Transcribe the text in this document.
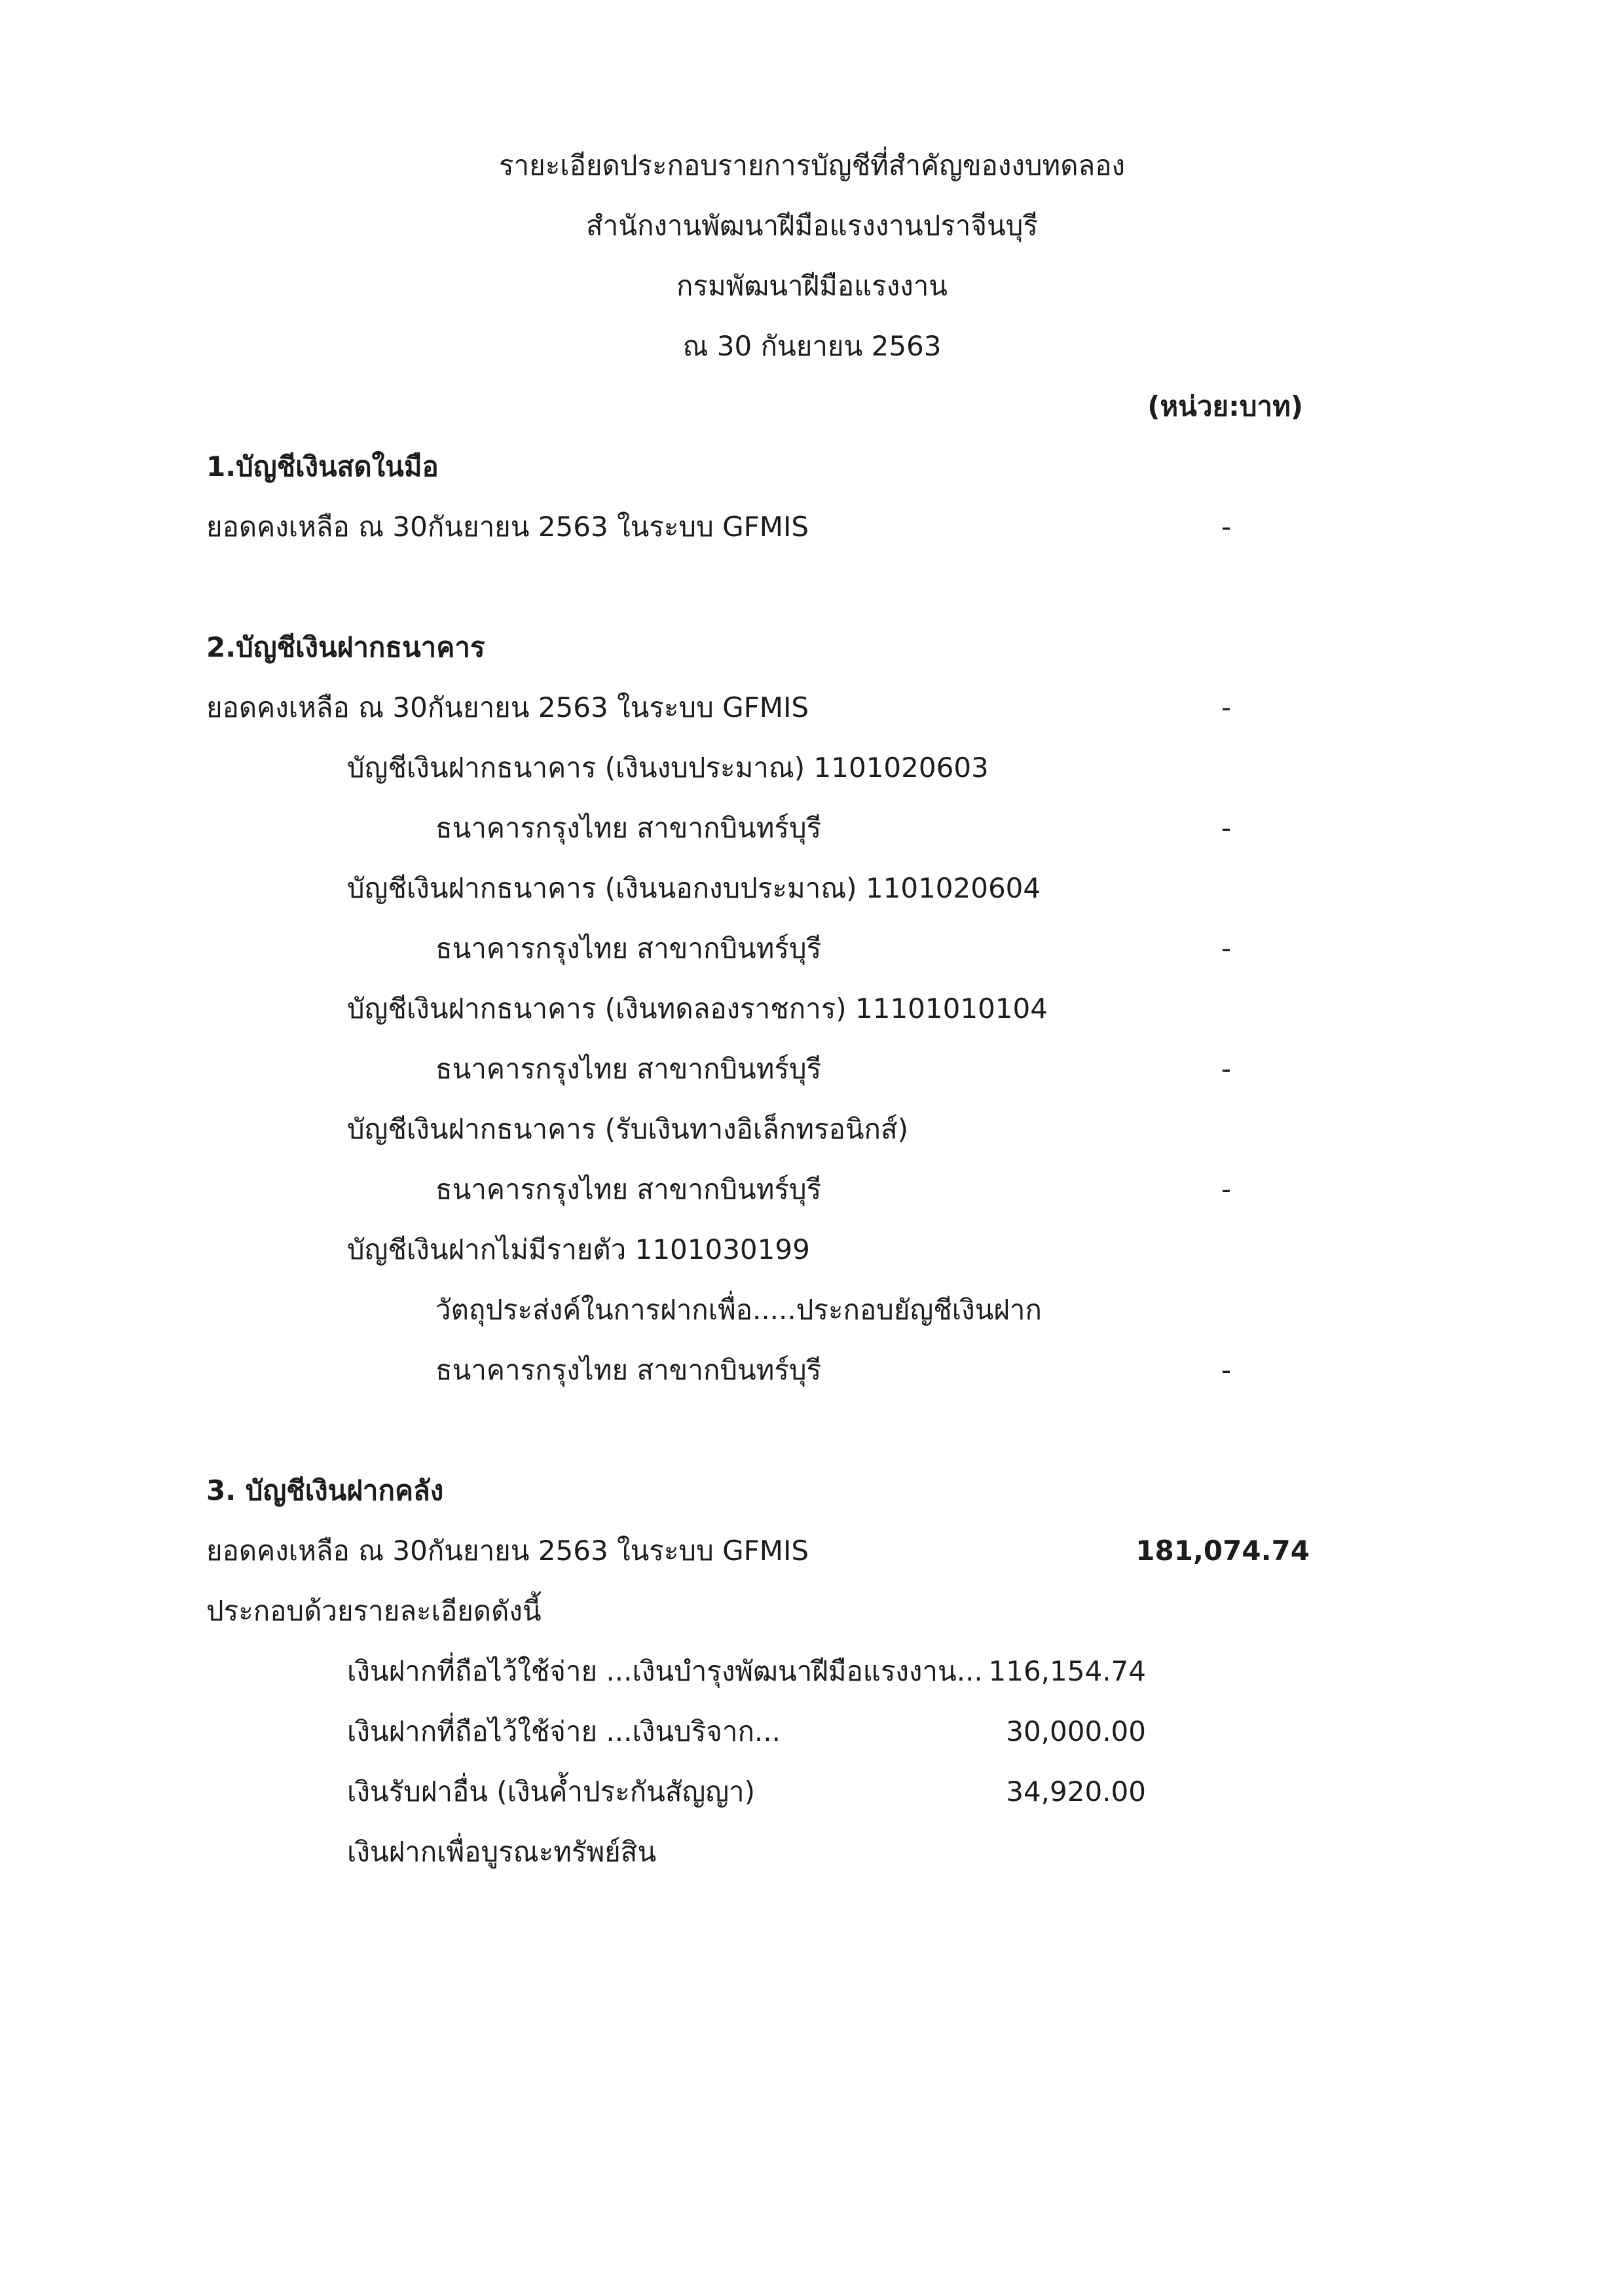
รายะเอียดประกอบรายการบัญชีที่สำคัญของงบทดลอง
สำนักงานพัฒนาฝีมือแรงงานปราจีนบุรี
กรมพัฒนาฝีมือแรงงาน
ณ 30 กันยายน 2563
(หน่วย:บาท)
1.บัญชีเงินสดในมือ
ยอดคงเหลือ ณ 30กันยายน 2563 ในระบบ GFMIS	-
2.บัญชีเงินฝากธนาคาร
ยอดคงเหลือ ณ 30กันยายน 2563 ในระบบ GFMIS	-
บัญชีเงินฝากธนาคาร (เงินงบประมาณ) 1101020603
ธนาคารกรุงไทย สาขากบินทร์บุรี	-
บัญชีเงินฝากธนาคาร (เงินนอกงบประมาณ) 1101020604
ธนาคารกรุงไทย สาขากบินทร์บุรี	-
บัญชีเงินฝากธนาคาร (เงินทดลองราชการ) 11101010104
ธนาคารกรุงไทย สาขากบินทร์บุรี	-
บัญชีเงินฝากธนาคาร (รับเงินทางอิเล็กทรอนิกส์)
ธนาคารกรุงไทย สาขากบินทร์บุรี	-
บัญชีเงินฝากไม่มีรายตัว 1101030199
วัตถุประส่งค์ในการฝากเพื่อ.....ประกอบยัญชีเงินฝาก
ธนาคารกรุงไทย สาขากบินทร์บุรี	-
3. บัญชีเงินฝากคลัง
ยอดคงเหลือ ณ 30กันยายน 2563 ในระบบ GFMIS	181,074.74
ประกอบด้วยรายละเอียดดังนี้
เงินฝากที่ถือไว้ใช้จ่าย ...เงินบำรุงพัฒนาฝีมือแรงงาน... 116,154.74
เงินฝากที่ถือไว้ใช้จ่าย ...เงินบริจาก...	30,000.00
เงินรับฝาอื่น (เงินค้ำประกันสัญญา)	34,920.00
เงินฝากเพื่อบูรณะทรัพย์สิน
